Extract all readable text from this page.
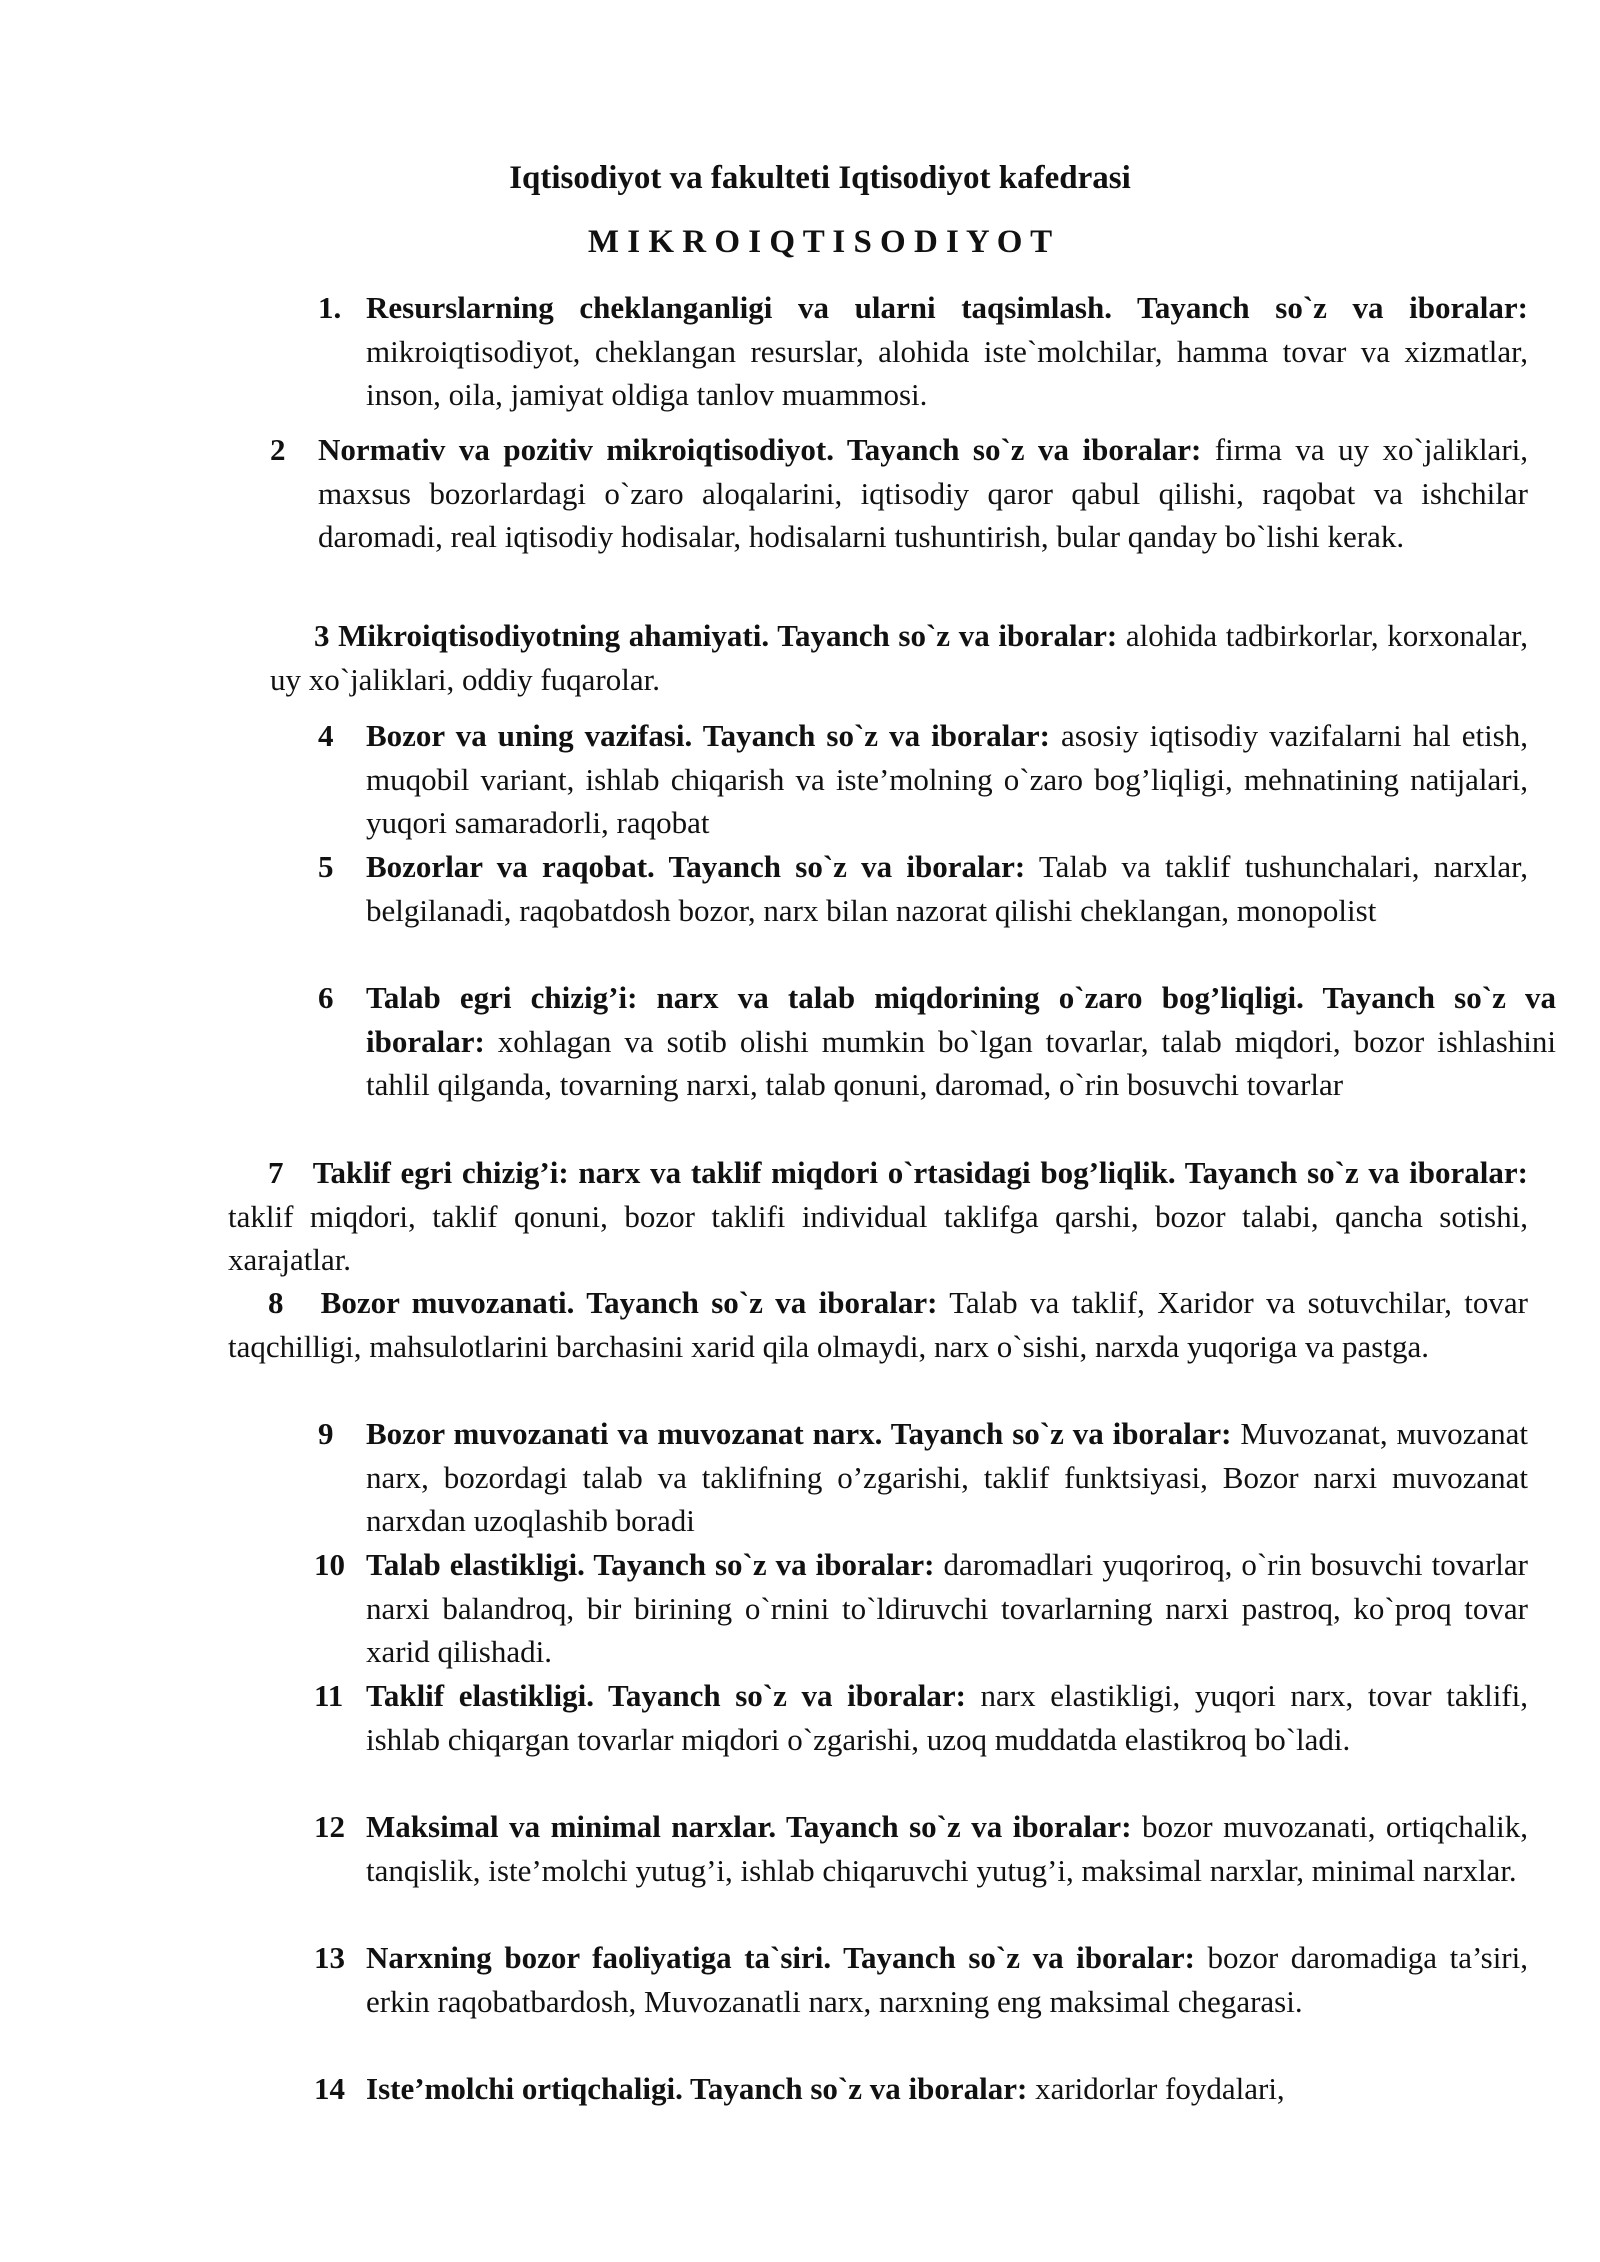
Iqtisodiyot va fakulteti Iqtisodiyot kafedrasi
M I K R O I Q T I S O D I Y O T
1. Resurslarning cheklanganligi va ularni taqsimlash. Tayanch so`z va iboralar: mikroiqtisodiyot, cheklangan resurslar, alohida iste`molchilar, hamma tovar va xizmatlar, inson, oila, jamiyat oldiga tanlov muammosi.
2 Normativ va pozitiv mikroiqtisodiyot. Tayanch so`z va iboralar: firma va uy xo`jaliklari, maxsus bozorlardagi o`zaro aloqalarini, iqtisodiy qaror qabul qilishi, raqobat va ishchilar daromadi, real iqtisodiy hodisalar, hodisalarni tushuntirish, bular qanday bo`lishi kerak.
3 Mikroiqtisodiyotning ahamiyati. Tayanch so`z va iboralar: alohida tadbirkorlar, korxonalar, uy xo`jaliklari, oddiy fuqarolar.
4 Bozor va uning vazifasi. Tayanch so`z va iboralar: asosiy iqtisodiy vazifalarni hal etish, muqobil variant, ishlab chiqarish va iste’molning o`zaro bog’liqligi, mehnatining natijalari, yuqori samaradorli, raqobat
5 Bozorlar va raqobat. Tayanch so`z va iboralar: Talab va taklif tushunchalari, narxlar, belgilanadi, raqobatdosh bozor, narx bilan nazorat qilishi cheklangan, monopolist
6 Talab egri chizig’i: narx va talab miqdorining o`zaro bog’liqligi. Tayanch so`z va iboralar: xohlagan va sotib olishi mumkin bo`lgan tovarlar, talab miqdori, bozor ishlashini tahlil qilganda, tovarning narxi, talab qonuni, daromad, o`rin bosuvchi tovarlar
7 Taklif egri chizig’i: narx va taklif miqdori o`rtasidagi bog’liqlik. Tayanch so`z va iboralar: taklif miqdori, taklif qonuni, bozor taklifi individual taklifga qarshi, bozor talabi, qancha sotishi, xarajatlar.
8 Bozor muvozanati. Tayanch so`z va iboralar: Talab va taklif, Xaridor va sotuvchilar, tovar taqchilligi, mahsulotlarini barchasini xarid qila olmaydi, narx o`sishi, narxda yuqoriga va pastga.
9 Bozor muvozanati va muvozanat narx. Tayanch so`z va iboralar: Muvozanat, мuvozanat narx, bozordagi talab va taklifning o’zgarishi, taklif funktsiyasi, Bozor narxi muvozanat narxdan uzoqlashib boradi
10 Talab elastikligi. Tayanch so`z va iboralar: daromadlari yuqoriroq, o`rin bosuvchi tovarlar narxi balandroq, bir birining o`rnini to`ldiruvchi tovarlarning narxi pastroq, ko`proq tovar xarid qilishadi.
11 Taklif elastikligi. Tayanch so`z va iboralar: narx elastikligi, yuqori narx, tovar taklifi, ishlab chiqargan tovarlar miqdori o`zgarishi, uzoq muddatda elastikroq bo`ladi.
12 Maksimal va minimal narxlar. Tayanch so`z va iboralar: bozor muvozanati, ortiqchalik, tanqislik, iste’molchi yutug’i, ishlab chiqaruvchi yutug’i, maksimal narxlar, minimal narxlar.
13 Narxning bozor faoliyatiga ta`siri. Tayanch so`z va iboralar: bozor daromadiga ta’siri, erkin raqobatbardosh, Muvozanatli narx, narxning eng maksimal chegarasi.
14 Iste’molchi ortiqchaligi. Tayanch so`z va iboralar: xaridorlar foydalari,
